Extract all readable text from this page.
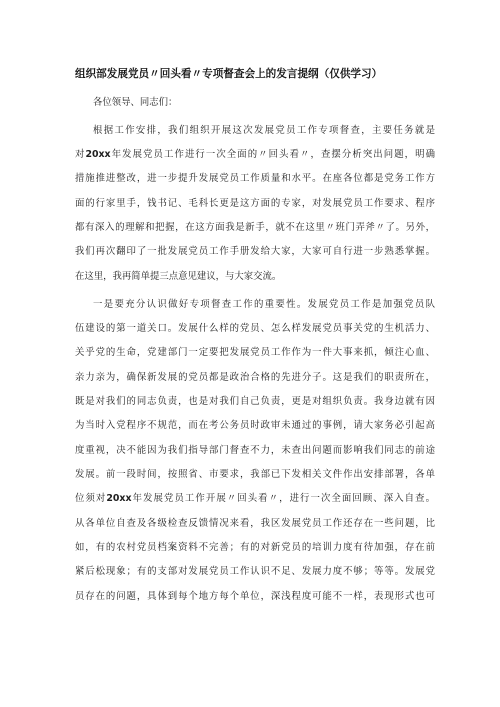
组织部发展党员〃回头看〃专项督查会上的发言提纲（仅供学习）
各位领导、同志们：
根据工作安排，我们组织开展这次发展党员工作专项督查，主要任务就是
对20xx年发展党员工作进行一次全面的〃回头看〃，查摆分析突出问题，明确
措施推进整改，进一步提升发展党员工作质量和水平。在座各位都是党务工作方
面的行家里手，钱书记、毛科长更是这方面的专家，对发展党员工作要求、程序
都有深入的理解和把握，在这方面我是新手，就不在这里〃班门弄斧〃了。另外，
我们再次翻印了一批发展党员工作手册发给大家，大家可自行进一步熟悉掌握。
在这里，我再简单提三点意见建议，与大家交流。
一是要充分认识做好专项督查工作的重要性。发展党员工作是加强党员队
伍建设的第一道关口。发展什么样的党员、怎么样发展党员事关党的生机活力、
关乎党的生命，党建部门一定要把发展党员工作作为一件大事来抓，倾注心血、
亲力亲为，确保新发展的党员都是政治合格的先进分子。这是我们的职责所在，
既是对我们的同志负责，也是对我们自己负责，更是对组织负责。我身边就有因
为当时入党程序不规范，而在考公务员时政审未通过的事例，请大家务必引起高
度重视，决不能因为我们指导部门督查不力，未查出问题而影响我们同志的前途
发展。前一段时间，按照省、市要求，我部已下发相关文件作出安排部署，各单
位须对20xx年发展党员工作开展〃回头看〃，进行一次全面回顾、深入自查。
从各单位自查及各级检查反馈情况来看，我区发展党员工作还存在一些问题，比
如，有的农村党员档案资料不完善；有的对新党员的培训力度有待加强，存在前
紧后松现象；有的支部对发展党员工作认识不足、发展力度不够；等等。发展党
员存在的问题，具体到每个地方每个单位，深浅程度可能不一样，表现形式也可
